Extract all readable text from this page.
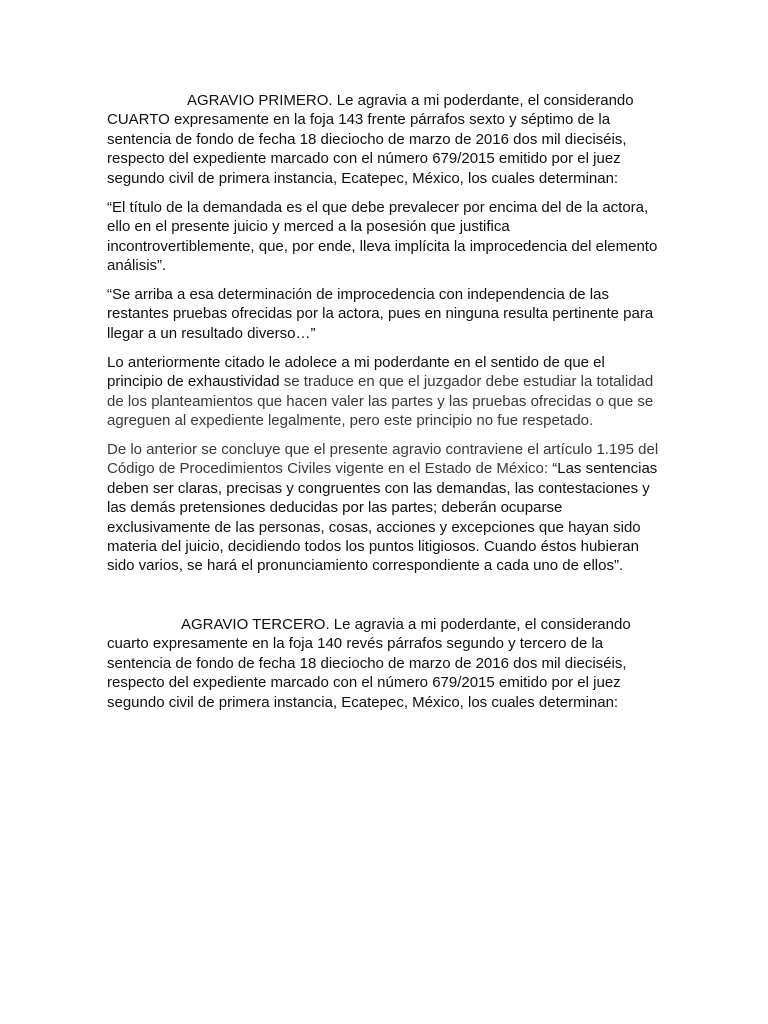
AGRAVIO PRIMERO. Le agravia a mi poderdante, el considerando
CUARTO expresamente en la foja 143 frente párrafos sexto y séptimo de la
sentencia de fondo de fecha 18 dieciocho de marzo de 2016 dos mil dieciséis,
respecto del expediente marcado con el número 679/2015 emitido por el juez
segundo civil de primera instancia, Ecatepec, México, los cuales determinan:
“El título de la demandada es el que debe prevalecer por encima del de la actora,
ello en el presente juicio y merced a la posesión que justifica
incontrovertiblemente, que, por ende, lleva implícita la improcedencia del elemento
análisis”.
“Se arriba a esa determinación de improcedencia con independencia de las
restantes pruebas ofrecidas por la actora, pues en ninguna resulta pertinente para
llegar a un resultado diverso…”
Lo anteriormente citado le adolece a mi poderdante en el sentido de que el
principio de exhaustividad se traduce en que el juzgador debe estudiar la totalidad
de los planteamientos que hacen valer las partes y las pruebas ofrecidas o que se
agreguen al expediente legalmente, pero este principio no fue respetado.
De lo anterior se concluye que el presente agravio contraviene el artículo 1.195 del
Código de Procedimientos Civiles vigente en el Estado de México: “Las sentencias
deben ser claras, precisas y congruentes con las demandas, las contestaciones y
las demás pretensiones deducidas por las partes; deberán ocuparse
exclusivamente de las personas, cosas, acciones y excepciones que hayan sido
materia del juicio, decidiendo todos los puntos litigiosos. Cuando éstos hubieran
sido varios, se hará el pronunciamiento correspondiente a cada uno de ellos”.
AGRAVIO TERCERO. Le agravia a mi poderdante, el considerando
cuarto expresamente en la foja 140 revés párrafos segundo y tercero de la
sentencia de fondo de fecha 18 dieciocho de marzo de 2016 dos mil dieciséis,
respecto del expediente marcado con el número 679/2015 emitido por el juez
segundo civil de primera instancia, Ecatepec, México, los cuales determinan:
